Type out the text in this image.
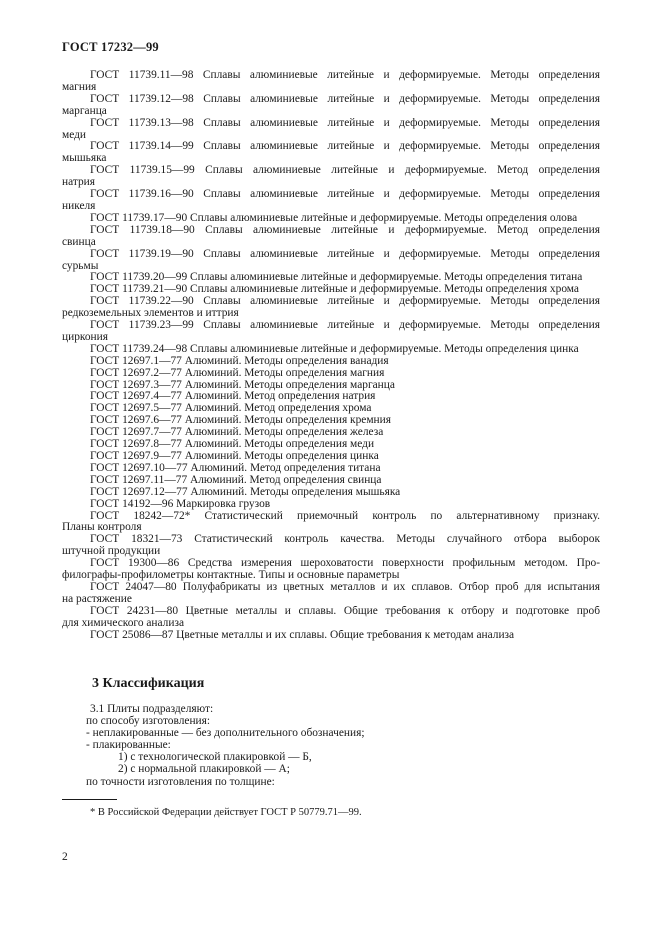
ГОСТ 17232—99
ГОСТ 11739.11—98 Сплавы алюминиевые литейные и деформируемые. Методы определения
магния
ГОСТ 11739.12—98 Сплавы алюминиевые литейные и деформируемые. Методы определения
марганца
ГОСТ 11739.13—98 Сплавы алюминиевые литейные и деформируемые. Методы определения
меди
ГОСТ 11739.14—99 Сплавы алюминиевые литейные и деформируемые. Методы определения
мышьяка
ГОСТ 11739.15—99 Сплавы алюминиевые литейные и деформируемые. Метод определения
натрия
ГОСТ 11739.16—90 Сплавы алюминиевые литейные и деформируемые. Методы определения
никеля
ГОСТ 11739.17—90 Сплавы алюминиевые литейные и деформируемые. Методы определения олова
ГОСТ 11739.18—90 Сплавы алюминиевые литейные и деформируемые. Метод определения
свинца
ГОСТ 11739.19—90 Сплавы алюминиевые литейные и деформируемые. Методы определения
сурьмы
ГОСТ 11739.20—99 Сплавы алюминиевые литейные и деформируемые. Методы определения титана
ГОСТ 11739.21—90 Сплавы алюминиевые литейные и деформируемые. Методы определения хрома
ГОСТ 11739.22—90 Сплавы алюминиевые литейные и деформируемые. Методы определения
редкоземельных элементов и иттрия
ГОСТ 11739.23—99 Сплавы алюминиевые литейные и деформируемые. Методы определения
циркония
ГОСТ 11739.24—98 Сплавы алюминиевые литейные и деформируемые. Методы определения цинка
ГОСТ 12697.1—77 Алюминий. Методы определения ванадия
ГОСТ 12697.2—77 Алюминий. Методы определения магния
ГОСТ 12697.3—77 Алюминий. Методы определения марганца
ГОСТ 12697.4—77 Алюминий. Метод определения натрия
ГОСТ 12697.5—77 Алюминий. Метод определения хрома
ГОСТ 12697.6—77 Алюминий. Методы определения кремния
ГОСТ 12697.7—77 Алюминий. Методы определения железа
ГОСТ 12697.8—77 Алюминий. Методы определения меди
ГОСТ 12697.9—77 Алюминий. Методы определения цинка
ГОСТ 12697.10—77 Алюминий. Метод определения титана
ГОСТ 12697.11—77 Алюминий. Метод определения свинца
ГОСТ 12697.12—77 Алюминий. Методы определения мышьяка
ГОСТ 14192—96 Маркировка грузов
ГОСТ 18242—72* Статистический приемочный контроль по альтернативному признаку.
Планы контроля
ГОСТ 18321—73 Статистический контроль качества. Методы случайного отбора выборок
штучной продукции
ГОСТ 19300—86 Средства измерения шероховатости поверхности профильным методом. Про-
филографы-профилометры контактные. Типы и основные параметры
ГОСТ 24047—80 Полуфабрикаты из цветных металлов и их сплавов. Отбор проб для испытания
на растяжение
ГОСТ 24231—80 Цветные металлы и сплавы. Общие требования к отбору и подготовке проб
для химического анализа
ГОСТ 25086—87 Цветные металлы и их сплавы. Общие требования к методам анализа
3 Классификация
3.1 Плиты подразделяют:
по способу изготовления:
- неплакированные — без дополнительного обозначения;
- плакированные:
1) с технологической плакировкой — Б,
2) с нормальной плакировкой — А;
по точности изготовления по толщине:
* В Российской Федерации действует ГОСТ Р 50779.71—99.
2
